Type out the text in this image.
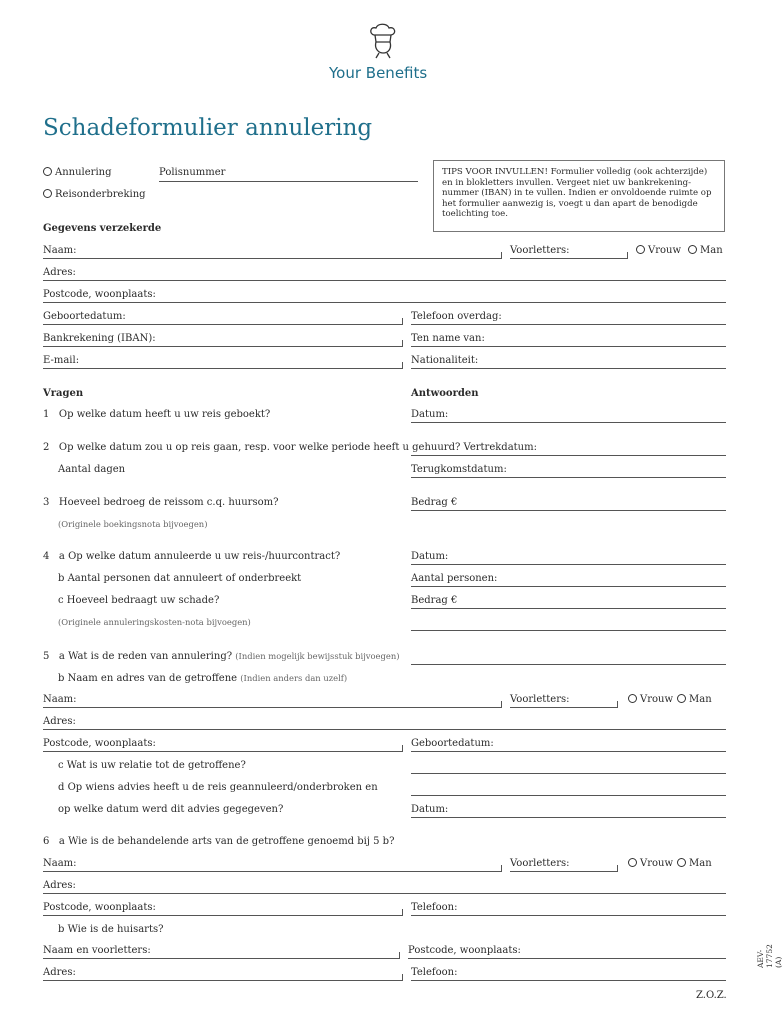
Your Benefits
Schadeformulier annulering
Annulering	Polisnummer
Reisonderbreking
TIPS VOOR INVULLEN! Formulier volledig (ook achterzijde) en in blokletters invullen. Vergeet niet uw bankrekening-nummer (IBAN) in te vullen. Indien er onvoldoende ruimte op het formulier aanwezig is, voegt u dan apart de benodigde toelichting toe.
Gegevens verzekerde
Naam:	Voorletters:	Vrouw	Man
Adres:
Postcode, woonplaats:
Geboortedatum:	Telefoon overdag:
Bankrekening (IBAN):	Ten name van:
E-mail:	Nationaliteit:
Vragen	Antwoorden
1 Op welke datum heeft u uw reis geboekt?	Datum:
2 Op welke datum zou u op reis gaan, resp. voor welke periode heeft u gehuurd? Vertrekdatum:
Aantal dagen	Terugkomstdatum:
3 Hoeveel bedroeg de reissom c.q. huursom?	Bedrag €
(Originele boekingsnota bijvoegen)
4 a Op welke datum annuleerde u uw reis-/huurcontract?	Datum:
b Aantal personen dat annuleert of onderbreekt	Aantal personen:
c Hoeveel bedraagt uw schade?	Bedrag €
(Originele annuleringskosten-nota bijvoegen)
5 a Wat is de reden van annulering? (Indien mogelijk bewijsstuk bijvoegen)
b Naam en adres van de getroffene (Indien anders dan uzelf)
Naam:	Voorletters:	Vrouw	Man
Adres:
Postcode, woonplaats:	Geboortedatum:
c Wat is uw relatie tot de getroffene?
d Op wiens advies heeft u de reis geannuleerd/onderbroken en
op welke datum werd dit advies gegegeven?	Datum:
6 a Wie is de behandelende arts van de getroffene genoemd bij 5 b?
Naam:	Voorletters:	Vrouw	Man
Adres:
Postcode, woonplaats:	Telefoon:
b Wie is de huisarts?
Naam en voorletters:	Postcode, woonplaats:
Adres:	Telefoon:
Z.O.Z.
AEV-17752 (A)
